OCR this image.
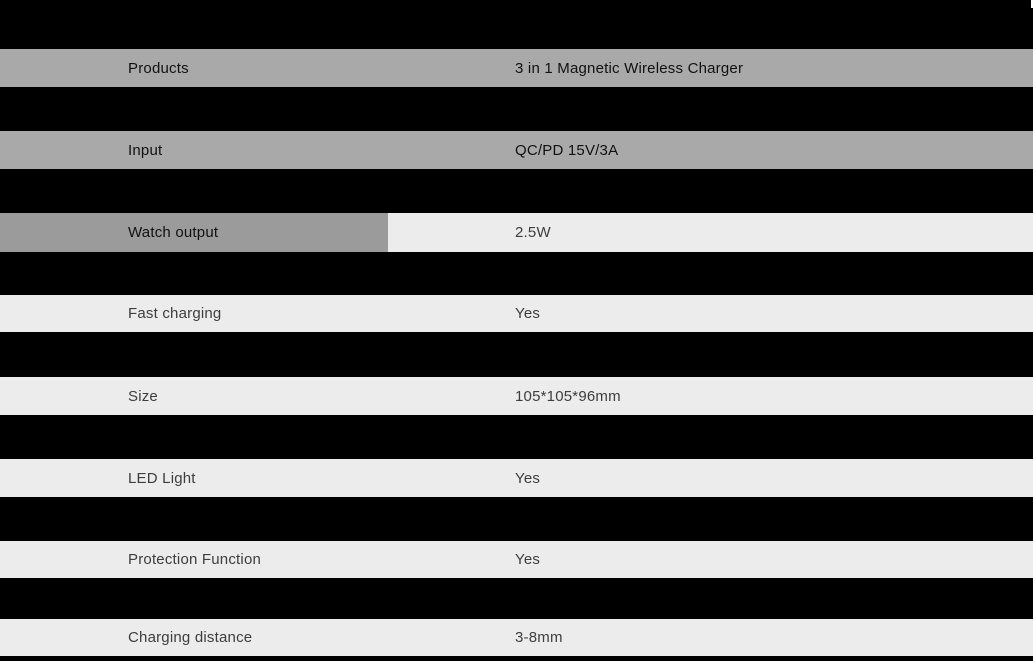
Products	3 in 1 Magnetic Wireless Charger
Input	QC/PD 15V/3A
Watch output	2.5W
Fast charging	Yes
Size	105*105*96mm
LED Light	Yes
Protection Function	Yes
Charging distance	3-8mm
